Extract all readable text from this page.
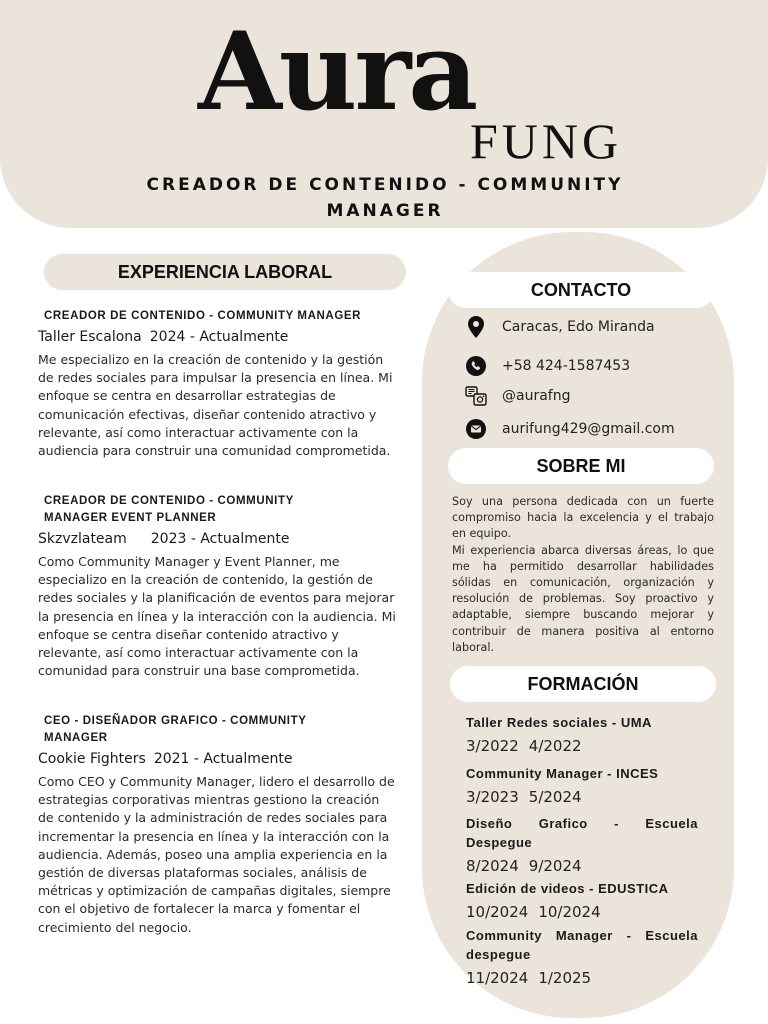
Aura
FUNG
CREADOR DE CONTENIDO - COMMUNITY MANAGER
EXPERIENCIA LABORAL
CREADOR DE CONTENIDO - COMMUNITY MANAGER
Taller Escalona 2024 - Actualmente
Me especializo en la creación de contenido y la gestión de redes sociales para impulsar la presencia en línea. Mi enfoque se centra en desarrollar estrategias de comunicación efectivas, diseñar contenido atractivo y relevante, así como interactuar activamente con la audiencia para construir una comunidad comprometida.
CREADOR DE CONTENIDO - COMMUNITY MANAGER EVENT PLANNER
Skzvzlateam 2023 - Actualmente
Como Community Manager y Event Planner, me especializo en la creación de contenido, la gestión de redes sociales y la planificación de eventos para mejorar la presencia en línea y la interacción con la audiencia. Mi enfoque se centra diseñar contenido atractivo y relevante, así como interactuar activamente con la comunidad para construir una base comprometida.
CEO - DISEÑADOR GRAFICO - COMMUNITY MANAGER
Cookie Fighters 2021 - Actualmente
Como CEO y Community Manager, lidero el desarrollo de estrategias corporativas mientras gestiono la creación de contenido y la administración de redes sociales para incrementar la presencia en línea y la interacción con la audiencia. Además, poseo una amplia experiencia en la gestión de diversas plataformas sociales, análisis de métricas y optimización de campañas digitales, siempre con el objetivo de fortalecer la marca y fomentar el crecimiento del negocio.
CONTACTO
Caracas, Edo Miranda
+58 424-1587453
@aurafng
aurifung429@gmail.com
SOBRE MI

Soy una persona dedicada con un fuerte compromiso hacia la excelencia y el trabajo en equipo.

Mi experiencia abarca diversas áreas, lo que me ha permitido desarrollar habilidades sólidas en comunicación, organización y resolución de problemas. Soy proactivo y adaptable, siempre buscando mejorar y contribuir de manera positiva al entorno laboral.

FORMACIÓN
Taller Redes sociales - UMA
3/2022 4/2022
Community Manager - INCES
3/2023 5/2024
Diseño Grafico - Escuela Despegue
8/2024 9/2024
Edición de videos - EDUSTICA
10/2024 10/2024
Community Manager - Escuela despegue
11/2024 1/2025
